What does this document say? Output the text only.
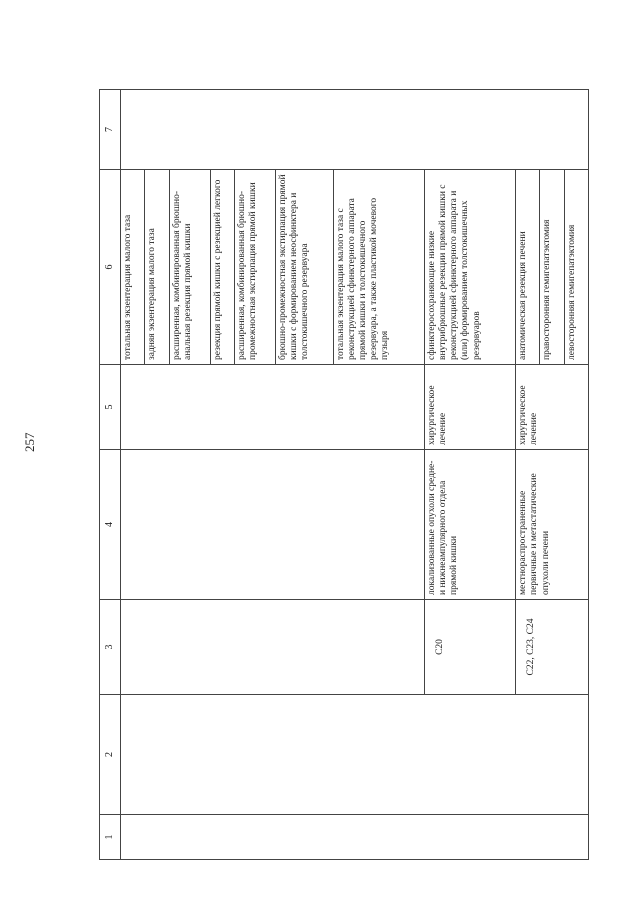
257
1	2	3	4	5	6	7
					тотальная экзентерация малого таза	
					задняя экзентерация малого таза	
					расширенная, комбинированная брюшно-анальная резекция прямой кишки	
					резекция прямой кишки с резекцией легкого	
					расширенная, комбинированная брюшно-промежностная экстирпация прямой кишки	
					брюшно-промежностная экстирпация прямой кишки с формированием неосфинктера и толстокишечного резервуара	
					тотальная экзентерация малого таза с реконструкцией сфинктерного аппарата прямой кишки и толстокишечного резервуара, а также пластикой мочевого пузыря	
		C20	локализованные опухоли средне- и нижнеампулярного отдела прямой кишки	хирургическое лечение	сфинктеросохраняющие низкие внутрибрюшные резекции прямой кишки с реконструкцией сфинктерного аппарата и (или) формированием толстокишечных резервуаров	
		C22, C23, C24	местнораспространенные первичные и метастатические опухоли печени	хирургическое лечение	анатомическая резекция печени	
					правосторонняя гемигепатэктомия	
					левосторонняя гемигепатэктомия	
